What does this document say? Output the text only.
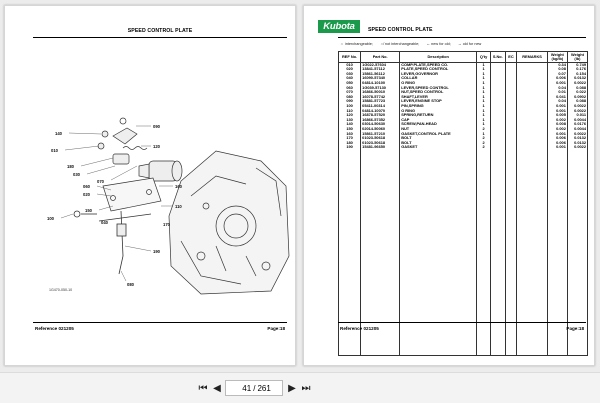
SPEED CONTROL PLATE
140
010
180
030
120
090
070
160
110
060
020
190
150
170
040
100
080
1G470-050-10
Reference 021205	Page:18
Kubota	SPEED CONTROL PLATE
⇔ interchangeable; ⇎ not interchangeable; ← new for old; → old for new
REF No.	Part No.	Description	Q'ty	S.No.	EC	REMARKS	Weight (kg/lb)	Weight (lb)
010	1G022-57604	COMP.PLATE,SPEED CO.	1				0.34	0.749
020	13841-57112	PLATE,SPEED CONTROL	1				0.08	0.176
030	15861-56112	LEVER,GOVERNOR	1				0.07	0.154
040	16090-57340	COLLAR	1				0.006	0.0132
050	04814-10100	O RING	1				0.001	0.0022
060	1G039-57130	LEVER,SPEED CONTROL	1				0.04	0.088
070	16866-50010	NUT,SPEED CONTROL	1				0.01	0.022
080	16078-57742	SHAFT,LEVER	1				0.041	0.0902
090	15881-57723	LEVER,ENGINE STOP	1				0.04	0.088
100	05411-00314	PIN,SPRING	1				0.001	0.0022
110	04814-10070	O RING	1				0.001	0.0022
120	16878-57520	SPRING,RETURN	1				0.005	0.011
130	16866-57352	CAP	1				0.002	0.0044
140	03014-50630	SCREW,PAN-HEAD	1				0.008	0.0176
150	02014-50060	NUT	2				0.002	0.0044
160	15861-57210	GASKET,CONTROL PLATE	1				0.001	0.0022
170	01023-50618	BOLT	2				0.006	0.0132
180	01023-50618	BOLT	2				0.006	0.0132
190	15481-96650	GASKET	2				0.001	0.0022

Reference 021205	Page:18
⏮ ◀
41	/ 261	▶ ⏭
